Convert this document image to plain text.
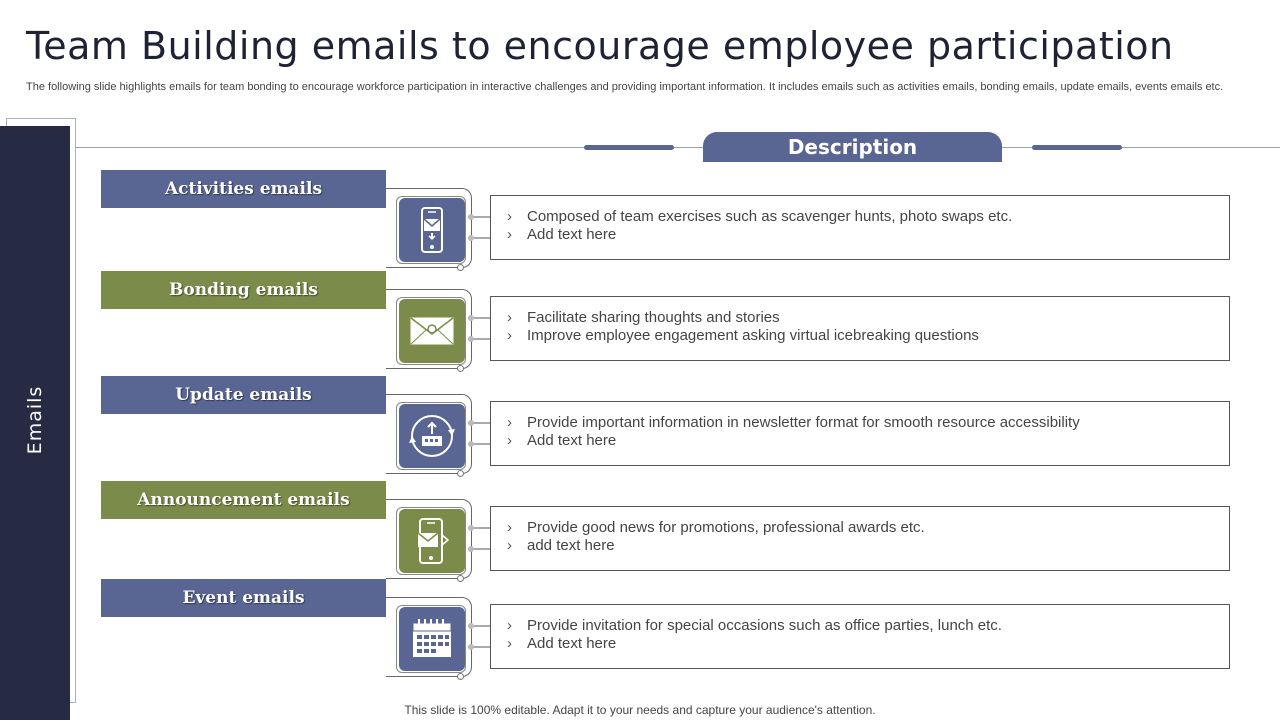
Team Building emails to encourage employee participation
The following slide highlights emails for team bonding to encourage workforce participation in interactive challenges and providing important information. It includes emails such as activities emails, bonding emails, update emails, events emails etc.
Emails
Description
Activities emails
› Composed of team exercises such as scavenger hunts, photo swaps etc.
› Add text here
Bonding emails
› Facilitate sharing thoughts and stories
› Improve employee engagement asking virtual icebreaking questions
Update emails
› Provide important information in newsletter format for smooth resource accessibility
› Add text here
Announcement emails
› Provide good news for promotions, professional awards etc.
› add text here
Event emails
› Provide invitation for special occasions such as office parties, lunch etc.
› Add text here
This slide is 100% editable. Adapt it to your needs and capture your audience's attention.
